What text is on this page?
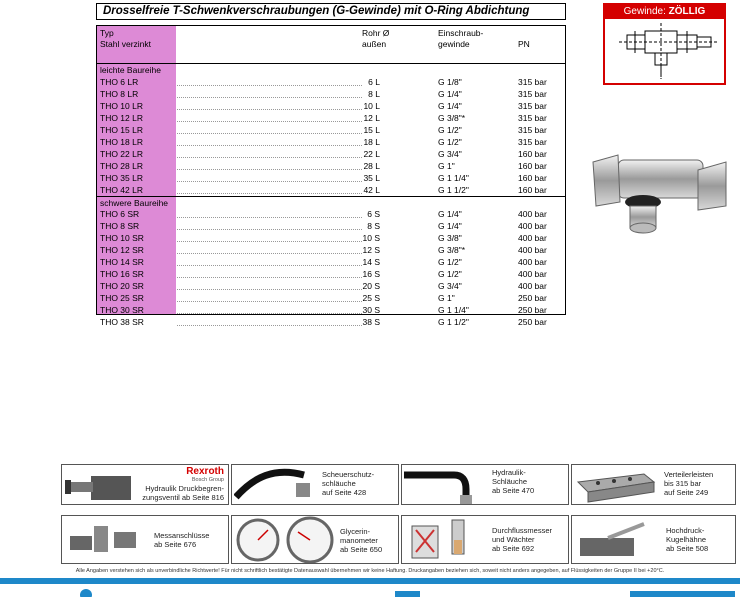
Drosselfreie T-Schwenkverschraubungen (G-Gewinde) mit O-Ring Abdichtung
Typ
Stahl verzinkt
Rohr Ø
außen
Einschraub-
gewinde	PN
leichte Baureihe
THO 6 LR	6 L	G 1/8"	315 bar
THO 8 LR	8 L	G 1/4"	315 bar
THO 10 LR	10 L	G 1/4"	315 bar
THO 12 LR	12 L	G 3/8"*	315 bar
THO 15 LR	15 L	G 1/2"	315 bar
THO 18 LR	18 L	G 1/2"	315 bar
THO 22 LR	22 L	G 3/4"	160 bar
THO 28 LR	28 L	G 1"	160 bar
THO 35 LR	35 L	G 1 1/4"	160 bar
THO 42 LR	42 L	G 1 1/2"	160 bar
schwere Baureihe
THO 6 SR	6 S	G 1/4"	400 bar
THO 8 SR	8 S	G 1/4"	400 bar
THO 10 SR	10 S	G 3/8"	400 bar
THO 12 SR	12 S	G 3/8"*	400 bar
THO 14 SR	14 S	G 1/2"	400 bar
THO 16 SR	16 S	G 1/2"	400 bar
THO 20 SR	20 S	G 3/4"	400 bar
THO 25 SR	25 S	G 1"	250 bar
THO 30 SR	30 S	G 1 1/4"	250 bar
THO 38 SR	38 S	G 1 1/2"	250 bar
Gewinde: ZÖLLIG
Rexroth
Bosch Group
Hydraulik Druckbegren-
zungsventil ab Seite 816
Scheuerschutz-
schläuche
auf Seite 428
Hydraulik-
Schläuche
ab Seite 470
Verteilerleisten
bis 315 bar
auf Seite 249
Messanschlüsse
ab Seite 676
Glycerin-
manometer
ab Seite 650
Durchflussmesser
und Wächter
ab Seite 692
Hochdruck-
Kugelhähne
ab Seite 508
Alle Angaben verstehen sich als unverbindliche Richtwerte! Für nicht schriftlich bestätigte Datenauswahl übernehmen wir keine Haftung. Druckangaben beziehen sich, soweit nicht anders angegeben, auf Flüssigkeiten der Gruppe II bei +20°C.
